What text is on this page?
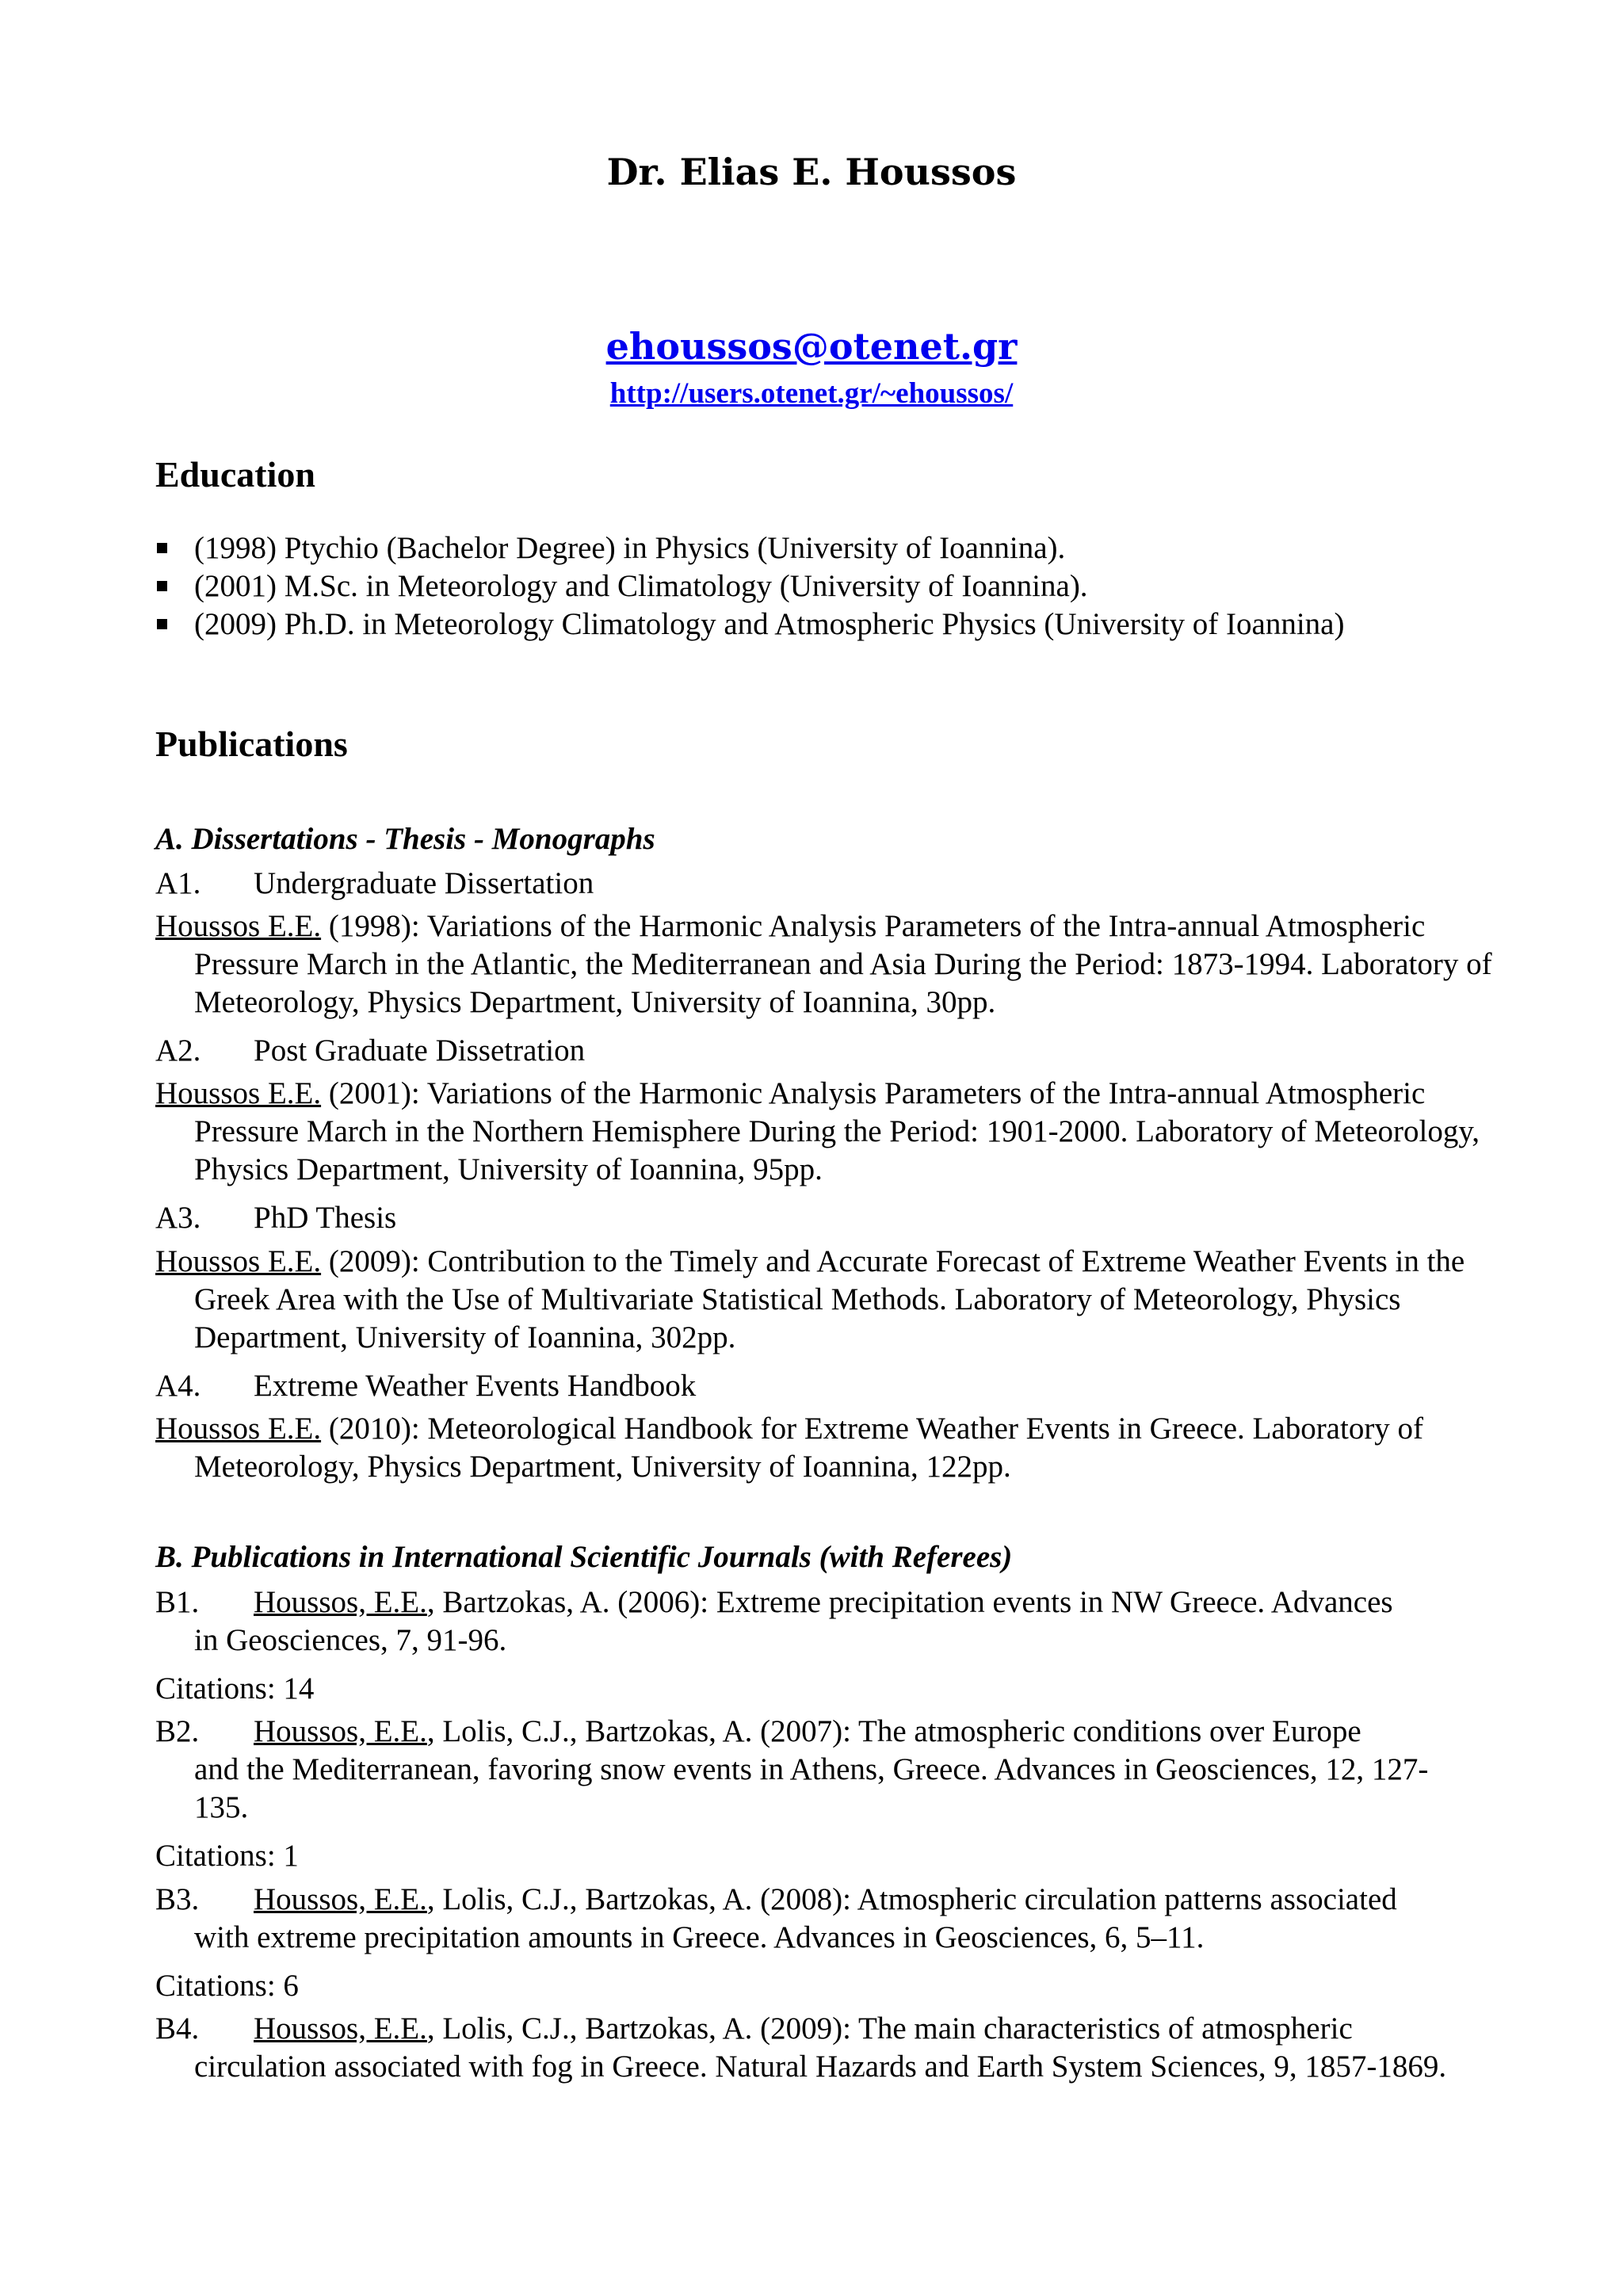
Dr. Elias E. Houssos
ehoussos@otenet.gr
http://users.otenet.gr/~ehoussos/
Education
(1998) Ptychio (Bachelor Degree) in Physics (University of Ioannina).
(2001) M.Sc. in Meteorology and Climatology (University of Ioannina).
(2009) Ph.D. in Meteorology Climatology and Atmospheric Physics (University of Ioannina)
Publications
A. Dissertations - Thesis - Monographs
A1. Undergraduate Dissertation
Houssos E.E. (1998): Variations of the Harmonic Analysis Parameters of the Intra-annual Atmospheric Pressure March in the Atlantic, the Mediterranean and Asia During the Period: 1873-1994. Laboratory of Meteorology, Physics Department, University of Ioannina, 30pp.
A2. Post Graduate Dissetration
Houssos E.E. (2001): Variations of the Harmonic Analysis Parameters of the Intra-annual Atmospheric Pressure March in the Northern Hemisphere During the Period: 1901-2000. Laboratory of Meteorology, Physics Department, University of Ioannina, 95pp.
A3. PhD Thesis
Houssos E.E. (2009): Contribution to the Timely and Accurate Forecast of Extreme Weather Events in the Greek Area with the Use of Multivariate Statistical Methods. Laboratory of Meteorology, Physics Department, University of Ioannina, 302pp.
A4. Extreme Weather Events Handbook
Houssos E.E. (2010): Meteorological Handbook for Extreme Weather Events in Greece. Laboratory of Meteorology, Physics Department, University of Ioannina, 122pp.
B. Publications in International Scientific Journals (with Referees)
B1. Houssos, E.E., Bartzokas, A. (2006): Extreme precipitation events in NW Greece. Advances
in Geosciences, 7, 91-96.
Citations: 14
B2. Houssos, E.E., Lolis, C.J., Bartzokas, A. (2007): The atmospheric conditions over Europe
and the Mediterranean, favoring snow events in Athens, Greece. Advances in Geosciences, 12, 127-135.
Citations: 1
B3. Houssos, E.E., Lolis, C.J., Bartzokas, A. (2008): Atmospheric circulation patterns associated
with extreme precipitation amounts in Greece. Advances in Geosciences, 6, 5–11.
Citations: 6
B4. Houssos, E.E., Lolis, C.J., Bartzokas, A. (2009): The main characteristics of atmospheric
circulation associated with fog in Greece. Natural Hazards and Earth System Sciences, 9, 1857-1869.
